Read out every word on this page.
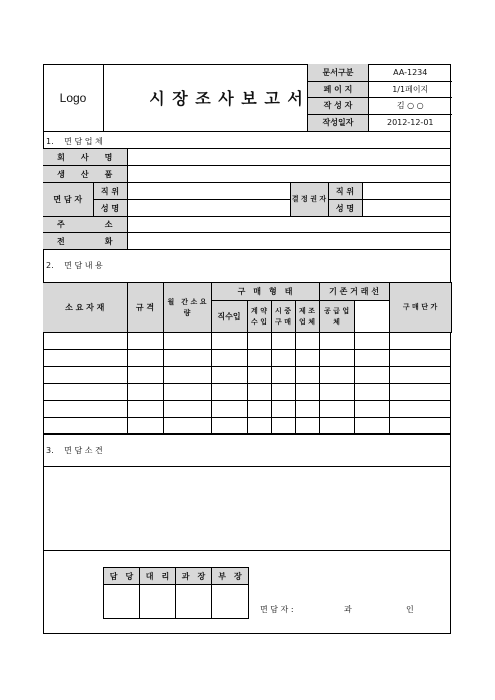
Logo	시 장 조 사 보 고 서
문서구분	AA-1234
페 이 지	1/1페이지
작 성 자	김 ○ ○
작성일자	2012-12-01
1.　 면 담 업 체
회　　사　　명					
생　　산　　품					
면 담 자	직 위		결 정 권 자	직 위	
	성 명			성 명	
주　　　　　소					
전　　　　　화					
2.　 면 담 내 용
소 요 자 재	규 격	월　간 소 요 량	구　매　형　태				기 존 거 래 선	구 매 단 가	
			직수입	계 약 수 입	시 중 구 매	제 조 업 체	공 급 업 체		

3.　 면 담 소 견
담　당	대　리	과　장	부　장

면 담 자 :	과	인
